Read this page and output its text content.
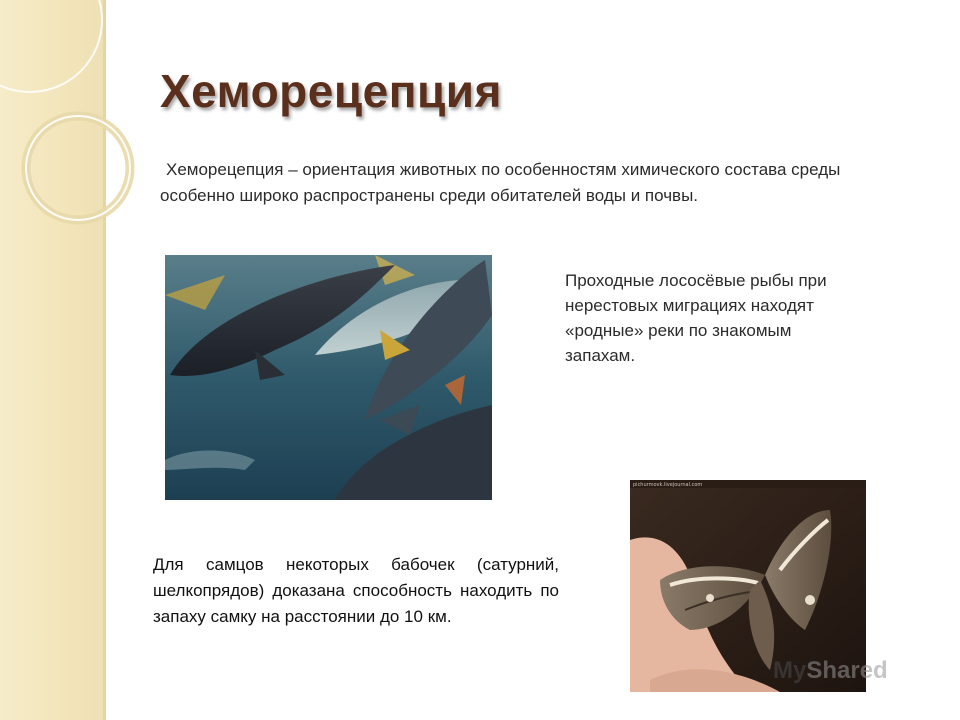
Хеморецепция

Хеморецепция – ориентация животных по особенностям химического состава среды особенно широко распространены среди обитателей воды и почвы.

Проходные лососёвые рыбы при нерестовых миграциях находят «родные» реки по знакомым запахам.

Для самцов некоторых бабочек (сатурний, шелкопрядов) доказана способность находить по запаху самку на расстоянии до 10 км.

pichurmovk.livejournal.com
MyShared
